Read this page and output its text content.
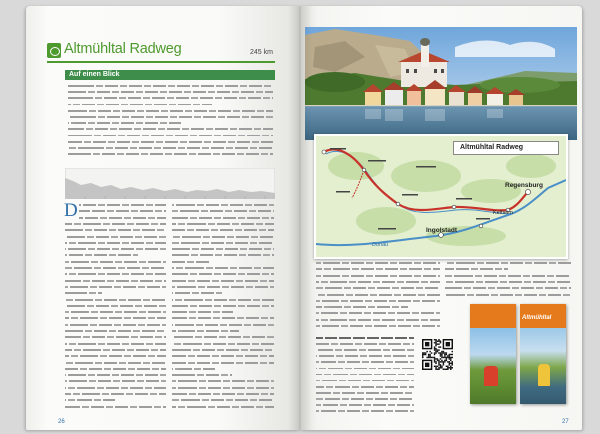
Altmühltal Radweg	245 km
Auf einen Blick
D
26
Altmühltal Radweg
Regensburg
Kelheim
Ingolstadt
Donau
Altmühltal
27
